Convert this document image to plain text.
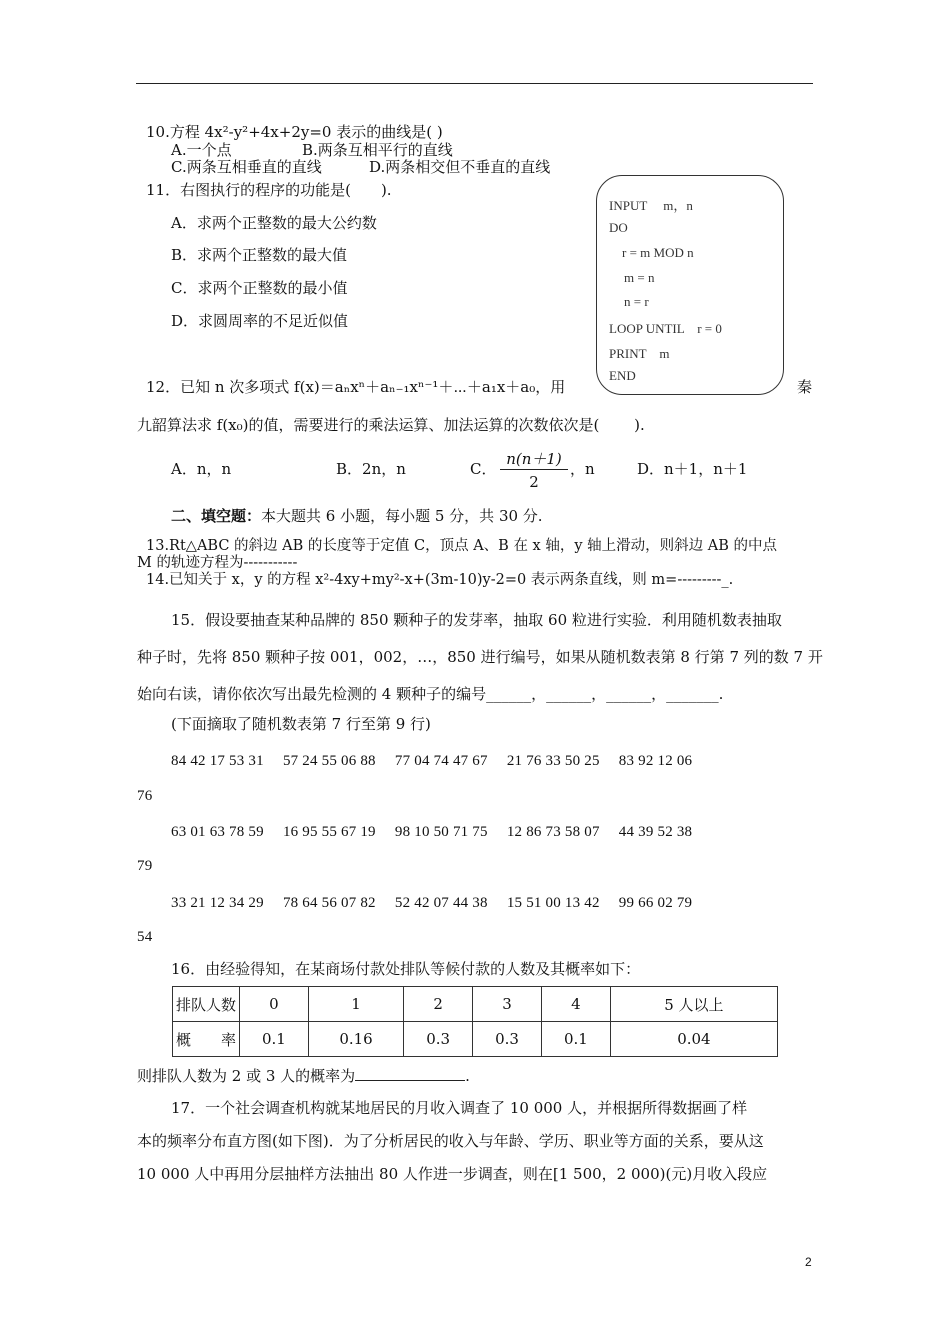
10.方程 4x²-y²+4x+2y=0 表示的曲线是( )
A.一个点	B.两条互相平行的直线
C.两条互相垂直的直线	D.两条相交但不垂直的直线
11．右图执行的程序的功能是(　　).
A．求两个正整数的最大公约数
B．求两个正整数的最大值
C．求两个正整数的最小值
D．求圆周率的不足近似值
INPUT　 m，n
DO
r = m MOD n
m = n
n = r
LOOP UNTIL　r = 0
PRINT　m
END
12．已知 n 次多项式 f(x)＝aₙxⁿ＋aₙ₋₁xⁿ⁻¹＋⋯＋a₁x＋a₀，用	秦
九韶算法求 f(x₀)的值，需要进行的乘法运算、加法运算的次数依次是(　　 ).
A．n，n	B．2n，n	C．
n(n＋1)
2
，n	D．n＋1，n＋1
二、填空题：本大题共 6 小题，每小题 5 分，共 30 分.
13.Rt△ABC 的斜边 AB 的长度等于定值 C，顶点 A、B 在 x 轴，y 轴上滑动，则斜边 AB 的中点
M 的轨迹方程为-----------
14.已知关于 x，y 的方程 x²-4xy+my²-x+(3m-10)y-2=0 表示两条直线，则 m=---------_.
15．假设要抽查某种品牌的 850 颗种子的发芽率，抽取 60 粒进行实验．利用随机数表抽取
种子时，先将 850 颗种子按 001，002，…，850 进行编号，如果从随机数表第 8 行第 7 列的数 7 开
始向右读，请你依次写出最先检测的 4 颗种子的编号______，______，______，_______.
(下面摘取了随机数表第 7 行至第 9 行)
84 42 17 53 31　 57 24 55 06 88　 77 04 74 47 67　 21 76 33 50 25　 83 92 12 06
76
63 01 63 78 59　 16 95 55 67 19　 98 10 50 71 75　 12 86 73 58 07　 44 39 52 38
79
33 21 12 34 29　 78 64 56 07 82　 52 42 07 44 38　 15 51 00 13 42　 99 66 02 79
54
16．由经验得知，在某商场付款处排队等候付款的人数及其概率如下：
排队人数	0	1	2	3	4	5 人以上
概　　率	0.1	0.16	0.3	0.3	0.1	0.04
则排队人数为 2 或 3 人的概率为	.
17．一个社会调查机构就某地居民的月收入调查了 10 000 人，并根据所得数据画了样
本的频率分布直方图(如下图)．为了分析居民的收入与年龄、学历、职业等方面的关系，要从这
10 000 人中再用分层抽样方法抽出 80 人作进一步调查，则在[1 500，2 000)(元)月收入段应
2
